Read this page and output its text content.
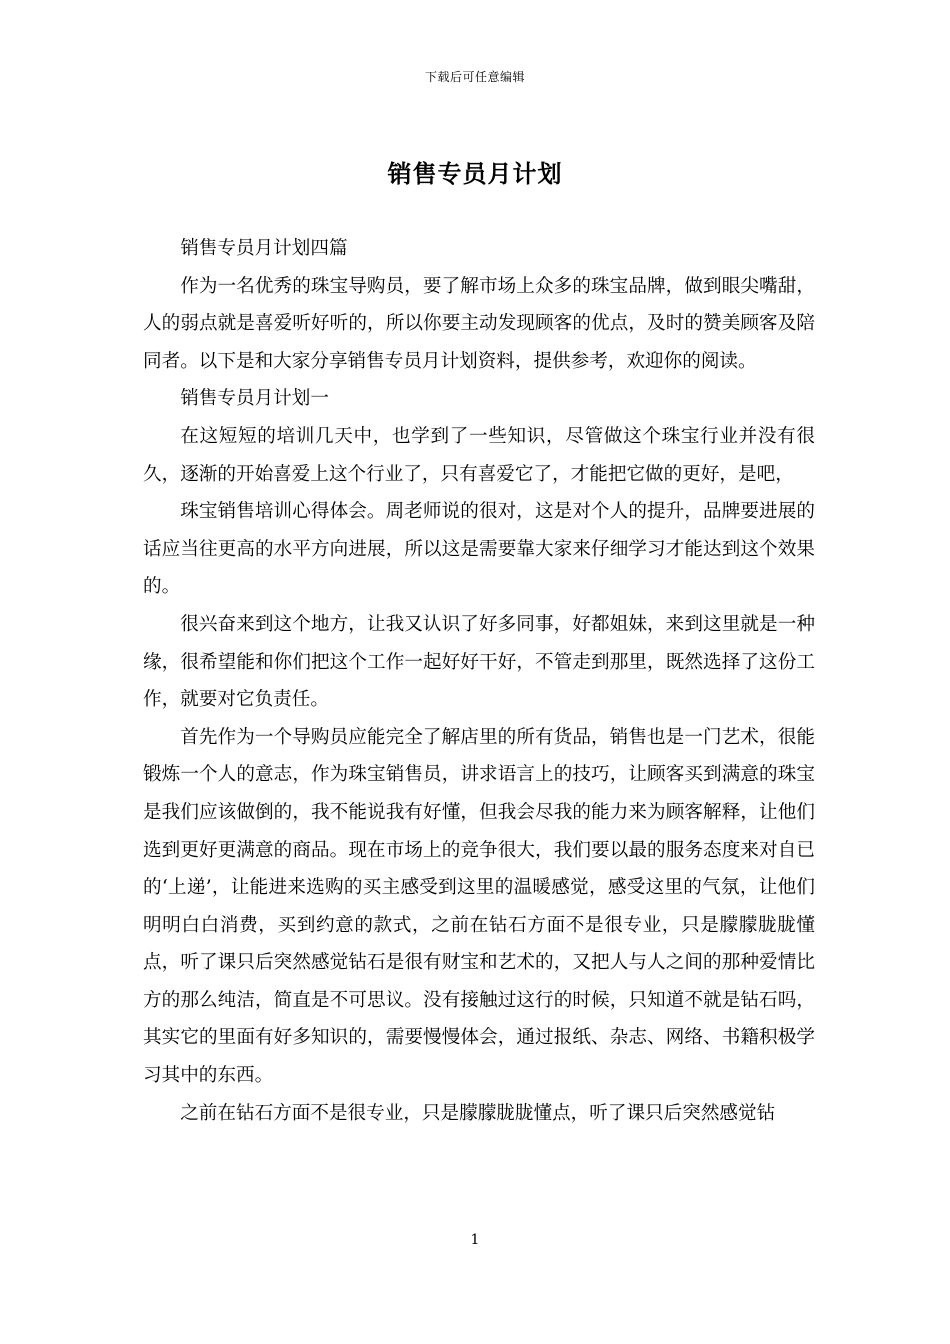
下载后可任意编辑
销售专员月计划

销售专员月计划四篇

作为一名优秀的珠宝导购员，要了解市场上众多的珠宝品牌，做到眼尖嘴甜，人的弱点就是喜爱听好听的，所以你要主动发现顾客的优点，及时的赞美顾客及陪同者。以下是和大家分享销售专员月计划资料，提供参考，欢迎你的阅读。

销售专员月计划一

在这短短的培训几天中，也学到了一些知识，尽管做这个珠宝行业并没有很久，逐渐的开始喜爱上这个行业了，只有喜爱它了，才能把它做的更好，是吧，

珠宝销售培训心得体会。周老师说的很对，这是对个人的提升，品牌要进展的话应当往更高的水平方向进展，所以这是需要靠大家来仔细学习才能达到这个效果的。

很兴奋来到这个地方，让我又认识了好多同事，好都姐妹，来到这里就是一种缘，很希望能和你们把这个工作一起好好干好，不管走到那里，既然选择了这份工作，就要对它负责任。

首先作为一个导购员应能完全了解店里的所有货品，销售也是一门艺术，很能锻炼一个人的意志，作为珠宝销售员，讲求语言上的技巧，让顾客买到满意的珠宝是我们应该做倒的，我不能说我有好懂，但我会尽我的能力来为顾客解释，让他们选到更好更满意的商品。现在市场上的竞争很大，我们要以最的服务态度来对自已的‘上递’，让能进来选购的买主感受到这里的温暖感觉，感受这里的气氛，让他们明明白白消费，买到约意的款式，之前在钻石方面不是很专业，只是朦朦胧胧懂点，听了课只后突然感觉钻石是很有财宝和艺术的，又把人与人之间的那种爱情比方的那么纯洁，简直是不可思议。没有接触过这行的时候，只知道不就是钻石吗，其实它的里面有好多知识的，需要慢慢体会，通过报纸、杂志、网络、书籍积极学习其中的东西。

之前在钻石方面不是很专业，只是朦朦胧胧懂点，听了课只后突然感觉钻

1
